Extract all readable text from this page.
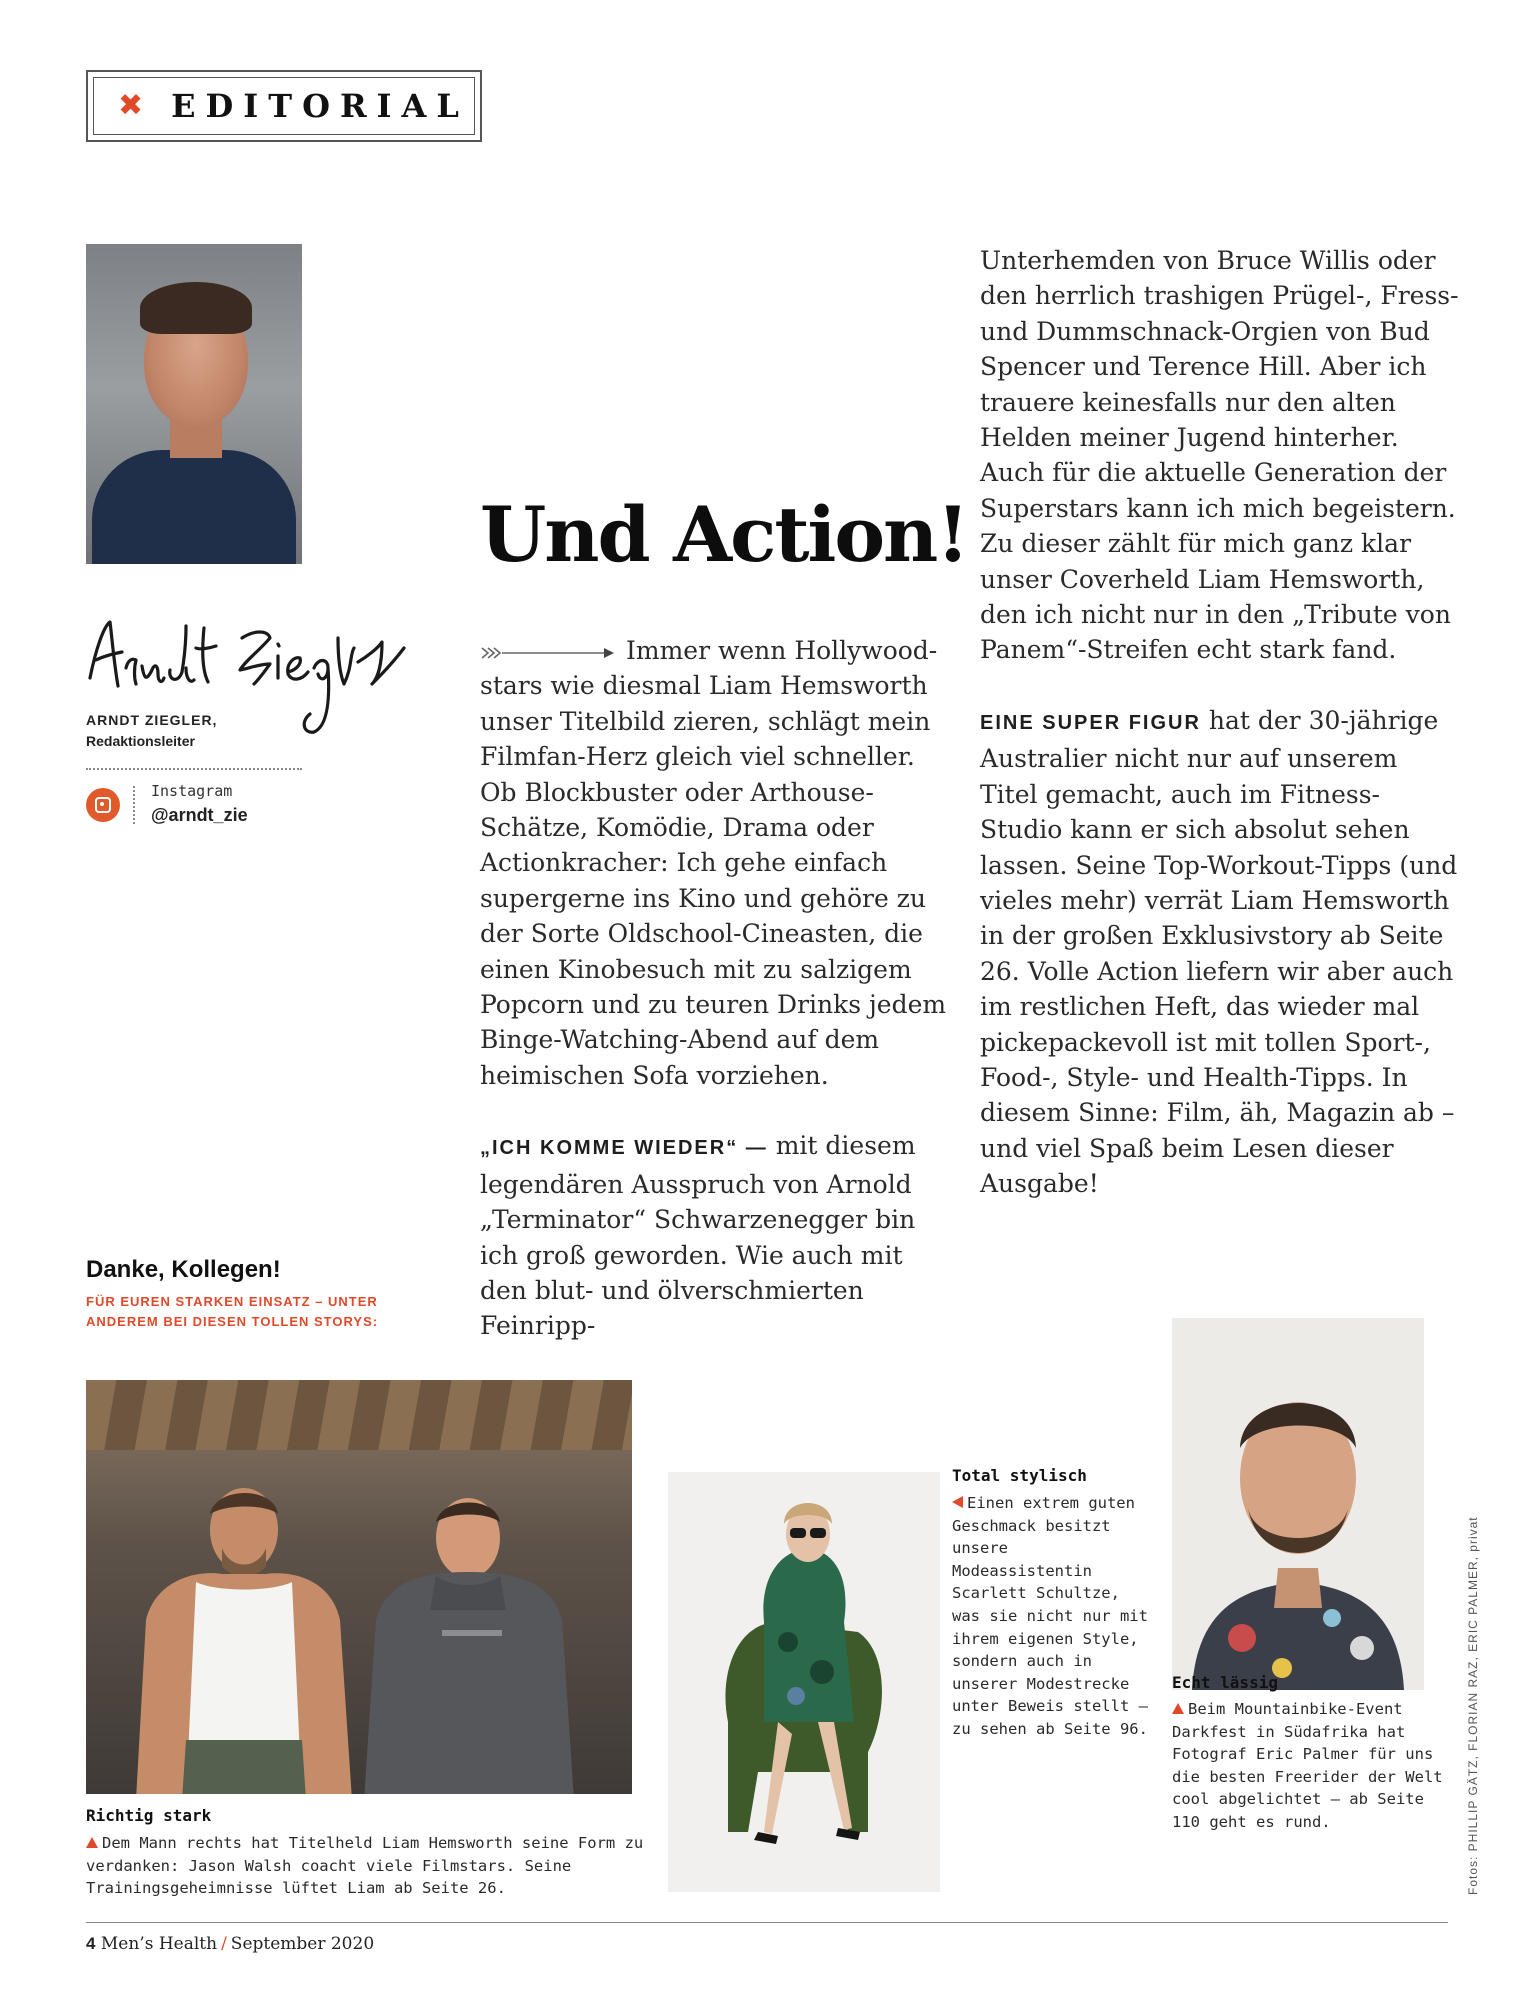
✖ EDITORIAL
ARNDT ZIEGLER,
Redaktionsleiter
Instagram
@arndt_zie
Und Action!
Immer wenn Hollywoodstars wie diesmal Liam Hemsworth unser Titelbild zieren, schlägt mein Filmfan-Herz gleich viel schneller. Ob Blockbuster oder Arthouse-Schätze, Komödie, Drama oder Actionkracher: Ich gehe einfach supergerne ins Kino und gehöre zu der Sorte Oldschool-Cineasten, die einen Kinobesuch mit zu salzigem Popcorn und zu teuren Drinks jedem Binge-Watching-Abend auf dem heimischen Sofa vorziehen.
„ICH KOMME WIEDER“ — mit diesem legendären Ausspruch von Arnold „Terminator“ Schwarzenegger bin ich groß geworden. Wie auch mit den blut- und ölverschmierten Feinripp-
Unterhemden von Bruce Willis oder den herrlich trashigen Prügel-, Fress- und Dummschnack-Orgien von Bud Spencer und Terence Hill. Aber ich trauere keinesfalls nur den alten Helden meiner Jugend hinterher. Auch für die aktuelle Generation der Superstars kann ich mich begeistern. Zu dieser zählt für mich ganz klar unser Coverheld Liam Hemsworth, den ich nicht nur in den „Tribute von Panem“-Streifen echt stark fand.
EINE SUPER FIGUR hat der 30-jährige Australier nicht nur auf unserem Titel gemacht, auch im Fitness-Studio kann er sich absolut sehen lassen. Seine Top-Workout-Tipps (und vieles mehr) verrät Liam Hemsworth in der großen Exklusivstory ab Seite 26. Volle Action liefern wir aber auch im restlichen Heft, das wieder mal pickepackevoll ist mit tollen Sport-, Food-, Style- und Health-Tipps. In diesem Sinne: Film, äh, Magazin ab – und viel Spaß beim Lesen dieser Ausgabe!
Danke, Kollegen!
FÜR EUREN STARKEN EINSATZ – UNTER ANDEREM BEI DIESEN TOLLEN STORYS:
Richtig stark
Dem Mann rechts hat Titelheld Liam Hemsworth seine Form zu verdanken: Jason Walsh coacht viele Filmstars. Seine Trainingsgeheimnisse lüftet Liam ab Seite 26.
Total stylisch
Einen extrem guten Geschmack besitzt unsere Modeassistentin Scarlett Schultze, was sie nicht nur mit ihrem eigenen Style, sondern auch in unserer Modestrecke unter Beweis stellt – zu sehen ab Seite 96.
Echt lässig
Beim Mountainbike-Event Darkfest in Südafrika hat Fotograf Eric Palmer für uns die besten Freerider der Welt cool abgelichtet – ab Seite 110 geht es rund.	Fotos: PHILLIP GÄTZ, FLORIAN RAZ, ERIC PALMER, privat
4 Men’s Health / September 2020
